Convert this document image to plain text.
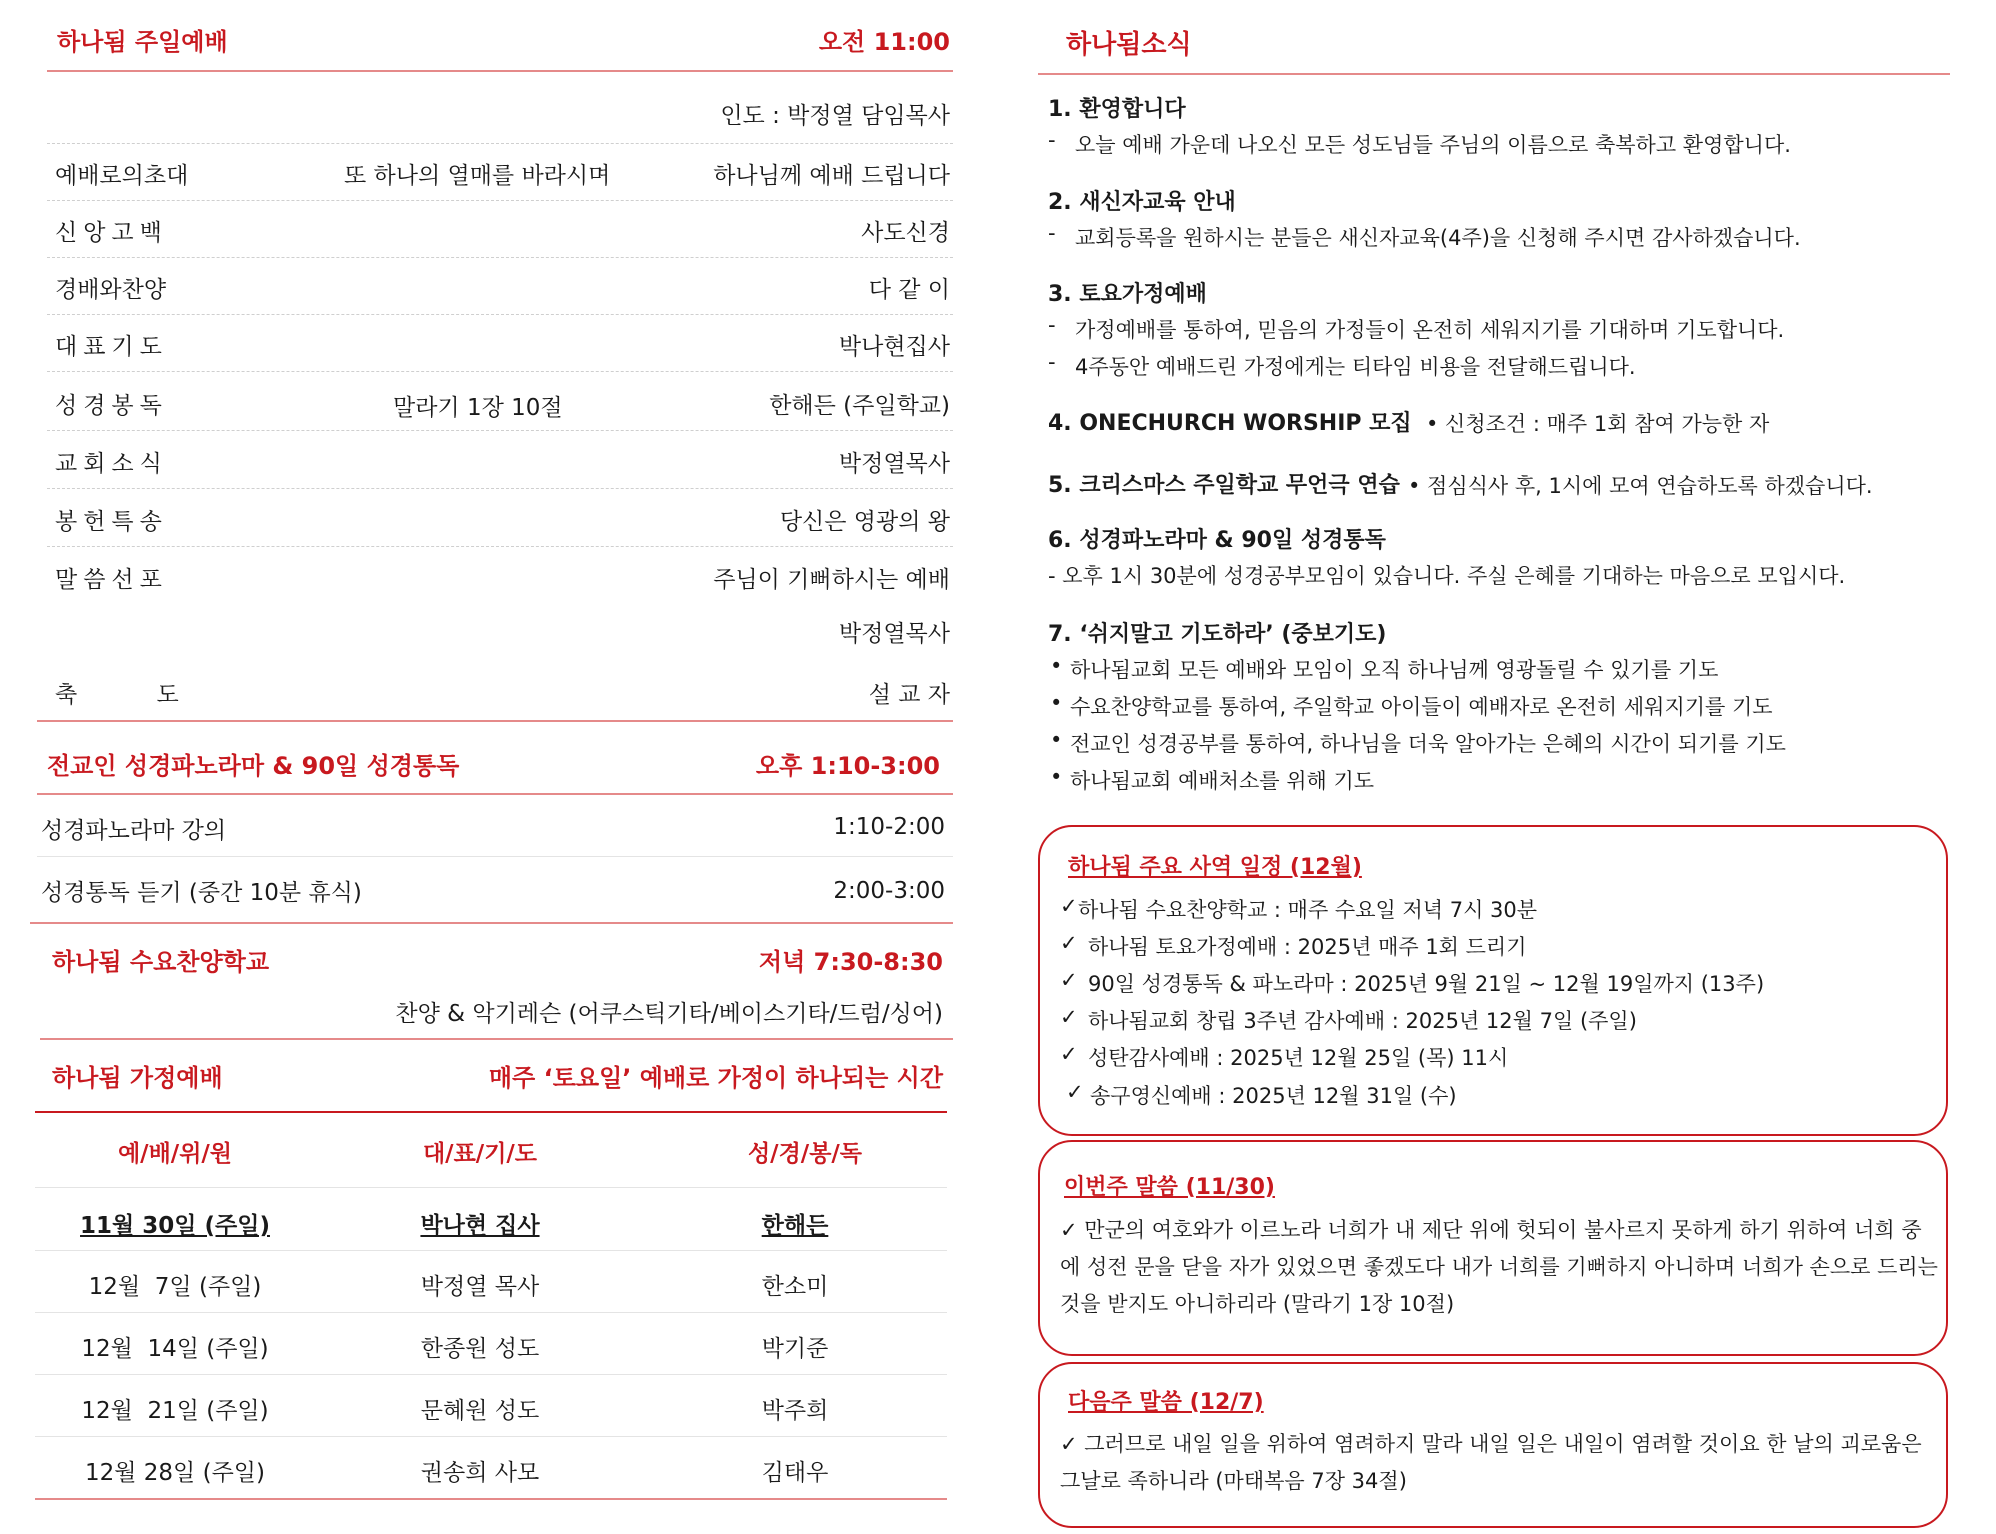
하나됨 주일예배	오전 11:00
인도 : 박정열 담임목사
예배로의초대	또 하나의 열매를 바라시며	하나님께 예배 드립니다
신앙고백	사도신경
경배와찬양	다 같 이
대표기도	박나현집사
성경봉독	말라기 1장 10절	한해든 (주일학교)
교회소식	박정열목사
봉헌특송	당신은 영광의 왕
말씀선포	주님이 기뻐하시는 예배
박정열목사
축 도	설 교 자
전교인 성경파노라마 & 90일 성경통독	오후 1:10-3:00
성경파노라마 강의	1:10-2:00
성경통독 듣기 (중간 10분 휴식)	2:00-3:00
하나됨 수요찬양학교	저녁 7:30-8:30
찬양 & 악기레슨 (어쿠스틱기타/베이스기타/드럼/싱어)
하나됨 가정예배	매주 ‘토요일’ 예배로 가정이 하나되는 시간
예/배/위/원	대/표/기/도	성/경/봉/독
11월 30일 (주일)	박나현 집사	한해든
12월  7일 (주일)	박정열 목사	한소미
12월  14일 (주일)	한종원 성도	박기준
12월  21일 (주일)	문혜원 성도	박주희
12월 28일 (주일)	권송희 사모	김태우
하나됨소식
1. 환영합니다
- 오늘 예배 가운데 나오신 모든 성도님들 주님의 이름으로 축복하고 환영합니다.
2. 새신자교육 안내
- 교회등록을 원하시는 분들은 새신자교육(4주)을 신청해 주시면 감사하겠습니다.
3. 토요가정예배
- 가정예배를 통하여, 믿음의 가정들이 온전히 세워지기를 기대하며 기도합니다.
- 4주동안 예배드린 가정에게는 티타임 비용을 전달해드립니다.
4. ONECHURCH WORSHIP 모집 • 신청조건 : 매주 1회 참여 가능한 자
5. 크리스마스 주일학교 무언극 연습 • 점심식사 후, 1시에 모여 연습하도록 하겠습니다.
6. 성경파노라마 & 90일 성경통독
- 오후 1시 30분에 성경공부모임이 있습니다. 주실 은혜를 기대하는 마음으로 모입시다.
7. ‘쉬지말고 기도하라’ (중보기도)
• 하나됨교회 모든 예배와 모임이 오직 하나님께 영광돌릴 수 있기를 기도
• 수요찬양학교를 통하여, 주일학교 아이들이 예배자로 온전히 세워지기를 기도
• 전교인 성경공부를 통하여, 하나님을 더욱 알아가는 은혜의 시간이 되기를 기도
• 하나됨교회 예배처소를 위해 기도
하나됨 주요 사역 일정 (12월)
✓ 하나됨 수요찬양학교 : 매주 수요일 저녁 7시 30분
✓ 하나됨 토요가정예배 : 2025년 매주 1회 드리기
✓ 90일 성경통독 & 파노라마 : 2025년 9월 21일 ~ 12월 19일까지 (13주)
✓ 하나됨교회 창립 3주년 감사예배 : 2025년 12월 7일 (주일)
✓ 성탄감사예배 : 2025년 12월 25일 (목) 11시
✓ 송구영신예배 : 2025년 12월 31일 (수)
이번주 말씀 (11/30)
✓ 만군의 여호와가 이르노라 너희가 내 제단 위에 헛되이 불사르지 못하게 하기 위하여 너희 중에 성전 문을 닫을 자가 있었으면 좋겠도다 내가 너희를 기뻐하지 아니하며 너희가 손으로 드리는 것을 받지도 아니하리라 (말라기 1장 10절)
다음주 말씀 (12/7)
✓ 그러므로 내일 일을 위하여 염려하지 말라 내일 일은 내일이 염려할 것이요 한 날의 괴로움은 그날로 족하니라 (마태복음 7장 34절)
